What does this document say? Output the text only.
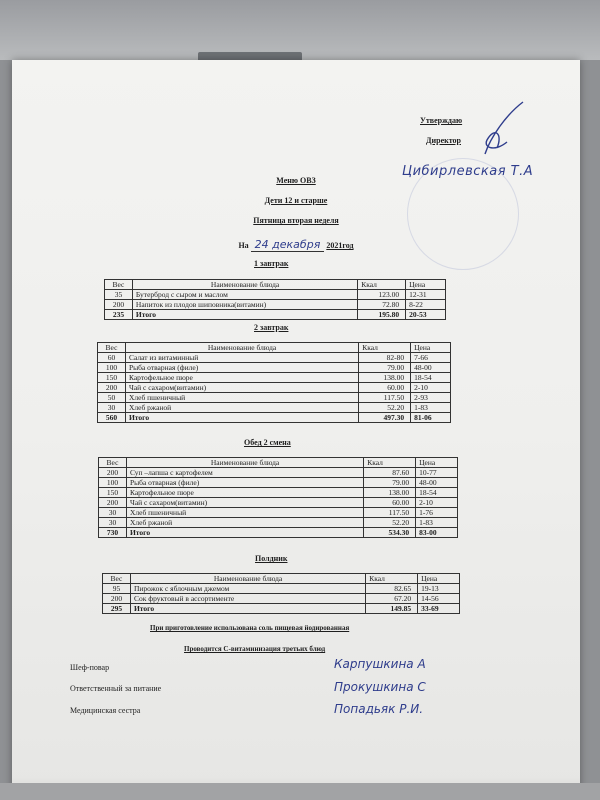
Утверждаю
Директор
Цибирлевская Т.А
Меню ОВЗ
Дети 12 и старше
Пятница вторая неделя
На 24 декабря 2021год
1 завтрак
Вес	Наименование блюда	Ккал	Цена
35	Бутерброд с сыром и маслом	123.00	12-31
200	Напиток из плодов шиповника(витамин)	72.80	8-22
235	Итого	195.80	20-53
2 завтрак
Вес	Наименование блюда	Ккал	Цена
60	Салат из витаминный	82-80	7-66
100	Рыба отварная (филе)	79.00	48-00
150	Картофельное пюре	138.00	18-54
200	Чай с сахаром(витамин)	60.00	2-10
50	Хлеб пшеничный	117.50	2-93
30	Хлеб ржаной	52.20	1-83
560	Итого	497.30	81-06
Обед 2 смена
Вес	Наименование блюда	Ккал	Цена
200	Суп –лапша с картофелем	87.60	10-77
100	Рыба отварная (филе)	79.00	48-00
150	Картофельное пюре	138.00	18-54
200	Чай с сахаром(витамин)	60.00	2-10
30	Хлеб пшеничный	117.50	1-76
30	Хлеб ржаной	52.20	1-83
730	Итого	534.30	83-00
Полдник
Вес	Наименование блюда	Ккал	Цена
95	Пирожок с яблочным джемом	82.65	19-13
200	Сок фруктовый в ассортименте	67.20	14-56
295	Итого	149.85	33-69
При приготовление использована соль пищевая йодированная
Проводится С-витаминизация третьих блюд
Шеф-повар	Карпушкина А
Ответственный за питание	Прокушкина С
Медицинская сестра	Попадьяк Р.И.
